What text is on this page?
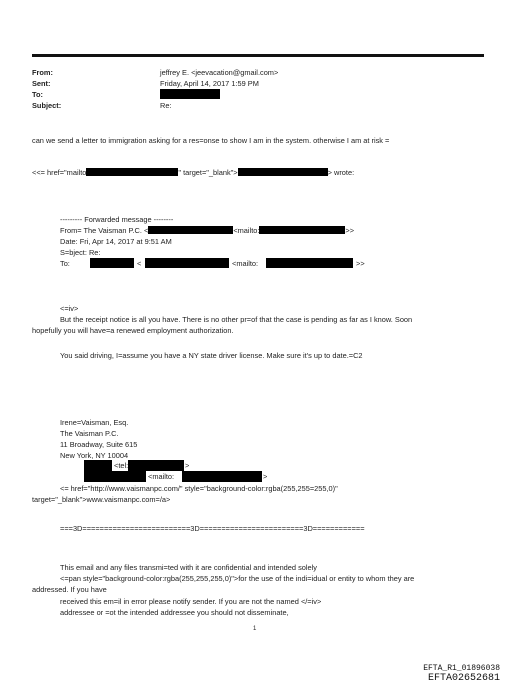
From:	jeffrey E. <jeevacation@gmail.com>
Sent:	Friday, April 14, 2017 1:59 PM
To:
Subject:	Re:
can we send a letter to immigration asking for a res=onse to show I am in the system. otherwise I am at risk =
<<= href="mailto	" target="_blank">	> wrote:
--------- Forwarded message --------
From= The Vaisman P.C. <	<mailto:	>>
Date: Fri, Apr 14, 2017 at 9:51 AM
S=bject: Re:
To:	<	<mailto:	>>
<=iv>
But the receipt notice is all you have. There is no other pr=of that the case is pending as far as I know. Soon
hopefully you will have=a renewed employment authorization.
You said driving, I=assume you have a NY state driver license. Make sure it's up to date.=C2
Irene=Vaisman, Esq.
The Vaisman P.C.
11 Broadway, Suite 615
New York, NY 10004
<tel:	>
<mailto:	>
<= href="http://www.vaismanpc.com/" style="background-color:rgba(255,255=255,0)"
target="_blank">www.vaismanpc.com=/a>
===3D=========================3D========================3D============
This email and any files transmi=ted with it are confidential and intended solely
<=pan style="background-color:rgba(255,255,255,0)">for the use of the indi=idual or entity to whom they are
addressed. If you have
received this em=il in error please notify sender. If you are not the named </=iv>
addressee or =ot the intended addressee you should not disseminate,
1
EFTA_R1_01896038
EFTA02652681
